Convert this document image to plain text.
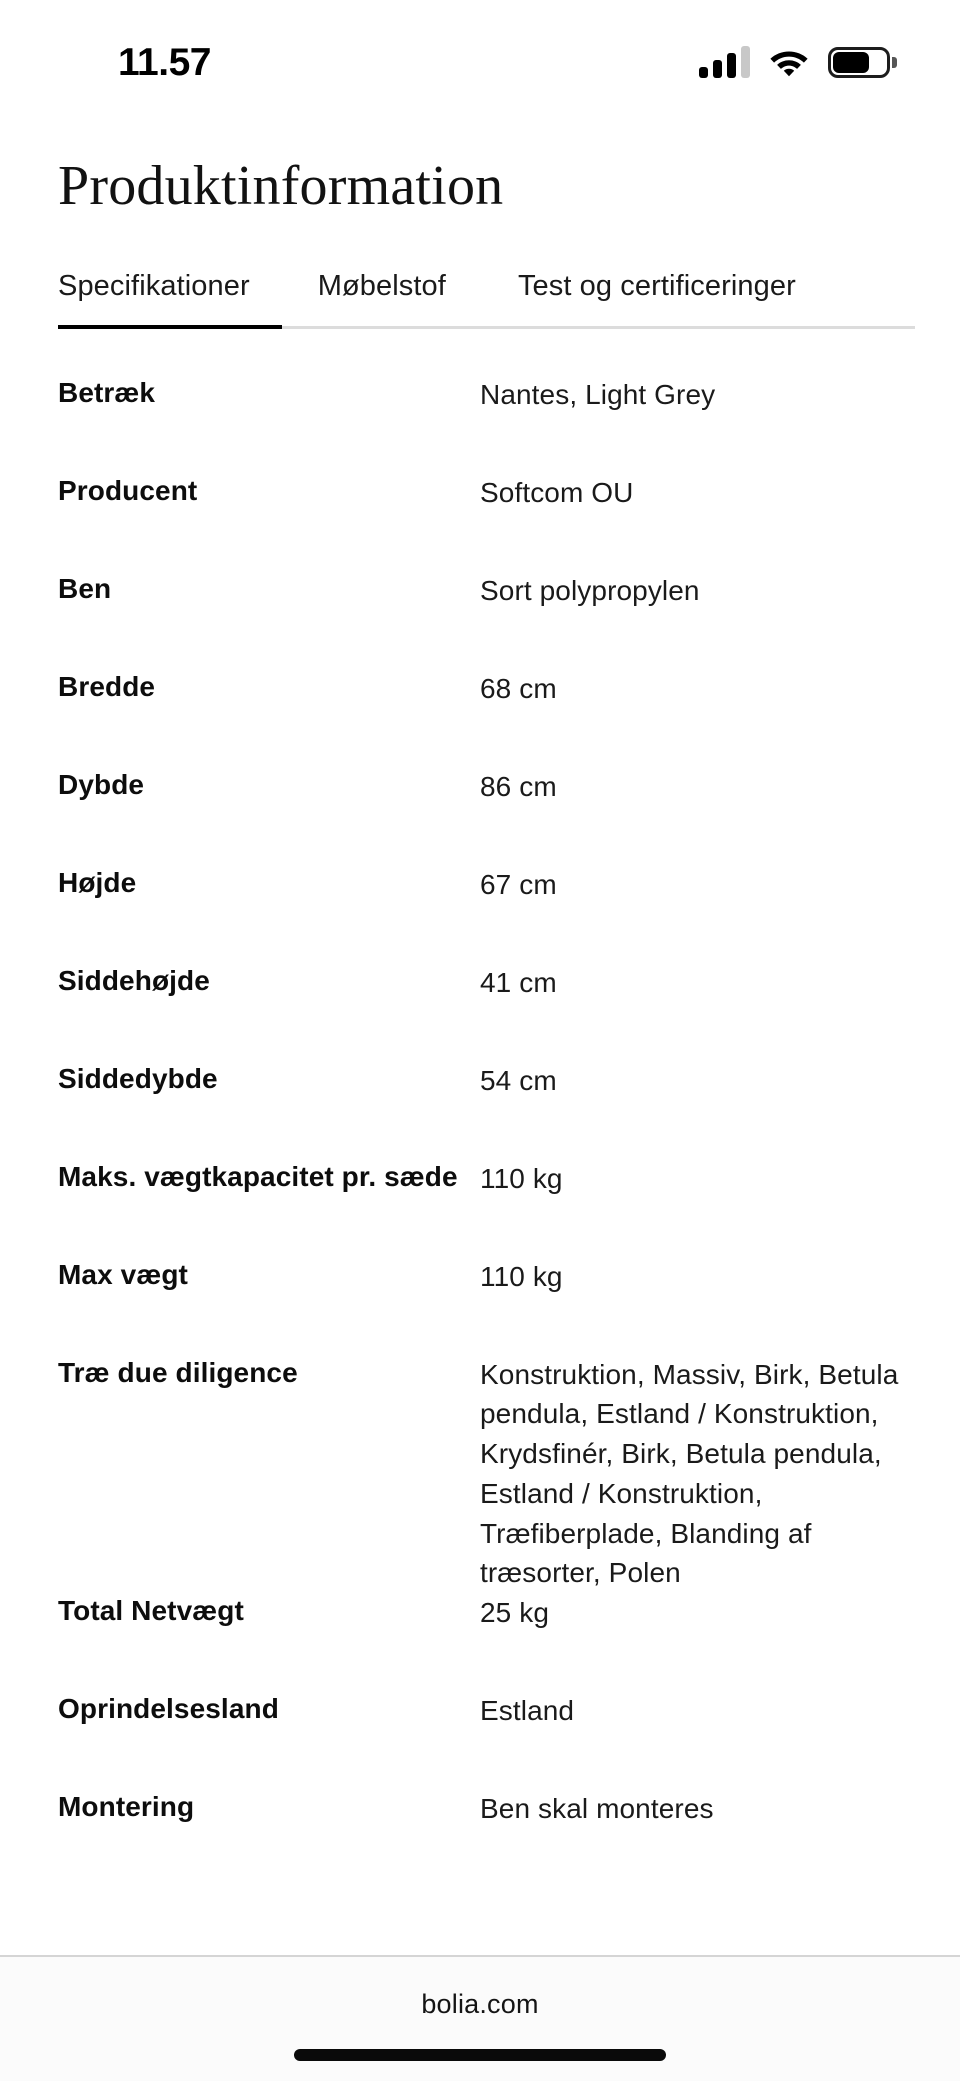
11.57
Produktinformation
Specifikationer Møbelstof Test og certificeringer
Betræk	Nantes, Light Grey
Producent	Softcom OU
Ben	Sort polypropylen
Bredde	68 cm
Dybde	86 cm
Højde	67 cm
Siddehøjde	41 cm
Siddedybde	54 cm
Maks. vægtkapacitet pr. sæde 110 kg
Max vægt	110 kg
Træ due diligence	Konstruktion, Massiv, Birk, Betula pendula, Estland / Konstruktion, Krydsfinér, Birk, Betula pendula, Estland / Konstruktion, Træfiberplade, Blanding af træsorter, Polen
Total Netvægt	25 kg
Oprindelsesland	Estland
Montering	Ben skal monteres
bolia.com
